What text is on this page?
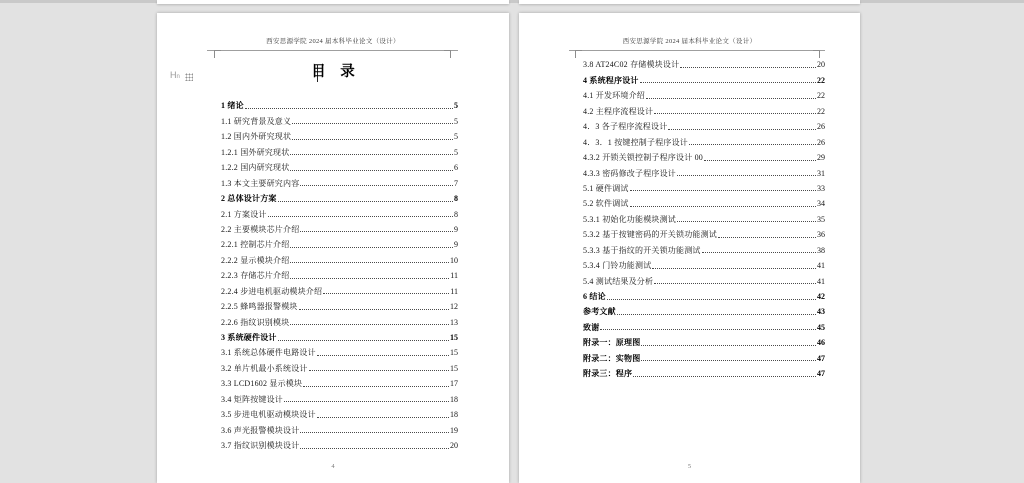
西安思源学院 2024 届本科毕业论文（设计）
Hn	目　录
1 绪论	5
1.1 研究背景及意义	5
1.2 国内外研究现状	5
1.2.1 国外研究现状	5
1.2.2 国内研究现状	6
1.3 本文主要研究内容	7
2 总体设计方案	8
2.1 方案设计	8
2.2 主要模块芯片介绍	9
2.2.1 控制芯片介绍	9
2.2.2 显示模块介绍	10
2.2.3 存储芯片介绍	11
2.2.4 步进电机驱动模块介绍	11
2.2.5 蜂鸣器报警模块	12
2.2.6 指纹识别模块	13
3 系统硬件设计	15
3.1 系统总体硬件电路设计	15
3.2 单片机最小系统设计	15
3.3 LCD1602 显示模块	17
3.4 矩阵按键设计	18
3.5 步进电机驱动模块设计	18
3.6 声光报警模块设计	19
3.7 指纹识别模块设计	20
4
西安思源学院 2024 届本科毕业论文（设计）
3.8 AT24C02 存储模块设计	20
4 系统程序设计	22
4.1 开发环境介绍	22
4.2 主程序流程设计	22
4．3 各子程序流程设计	26
4．3．1 按键控制子程序设计	26
4.3.2 开锁关锁控制子程序设计 00	29
4.3.3 密码修改子程序设计	31
5.1 硬件调试	33
5.2 软件调试	34
5.3.1 初始化功能模块测试	35
5.3.2 基于按键密码的开关锁功能测试	36
5.3.3 基于指纹的开关锁功能测试	38
5.3.4 门铃功能测试	41
5.4 测试结果及分析	41
6 结论	42
参考文献	43
致谢	45
附录一：原理图	46
附录二：实物图	47
附录三：程序	47
5
